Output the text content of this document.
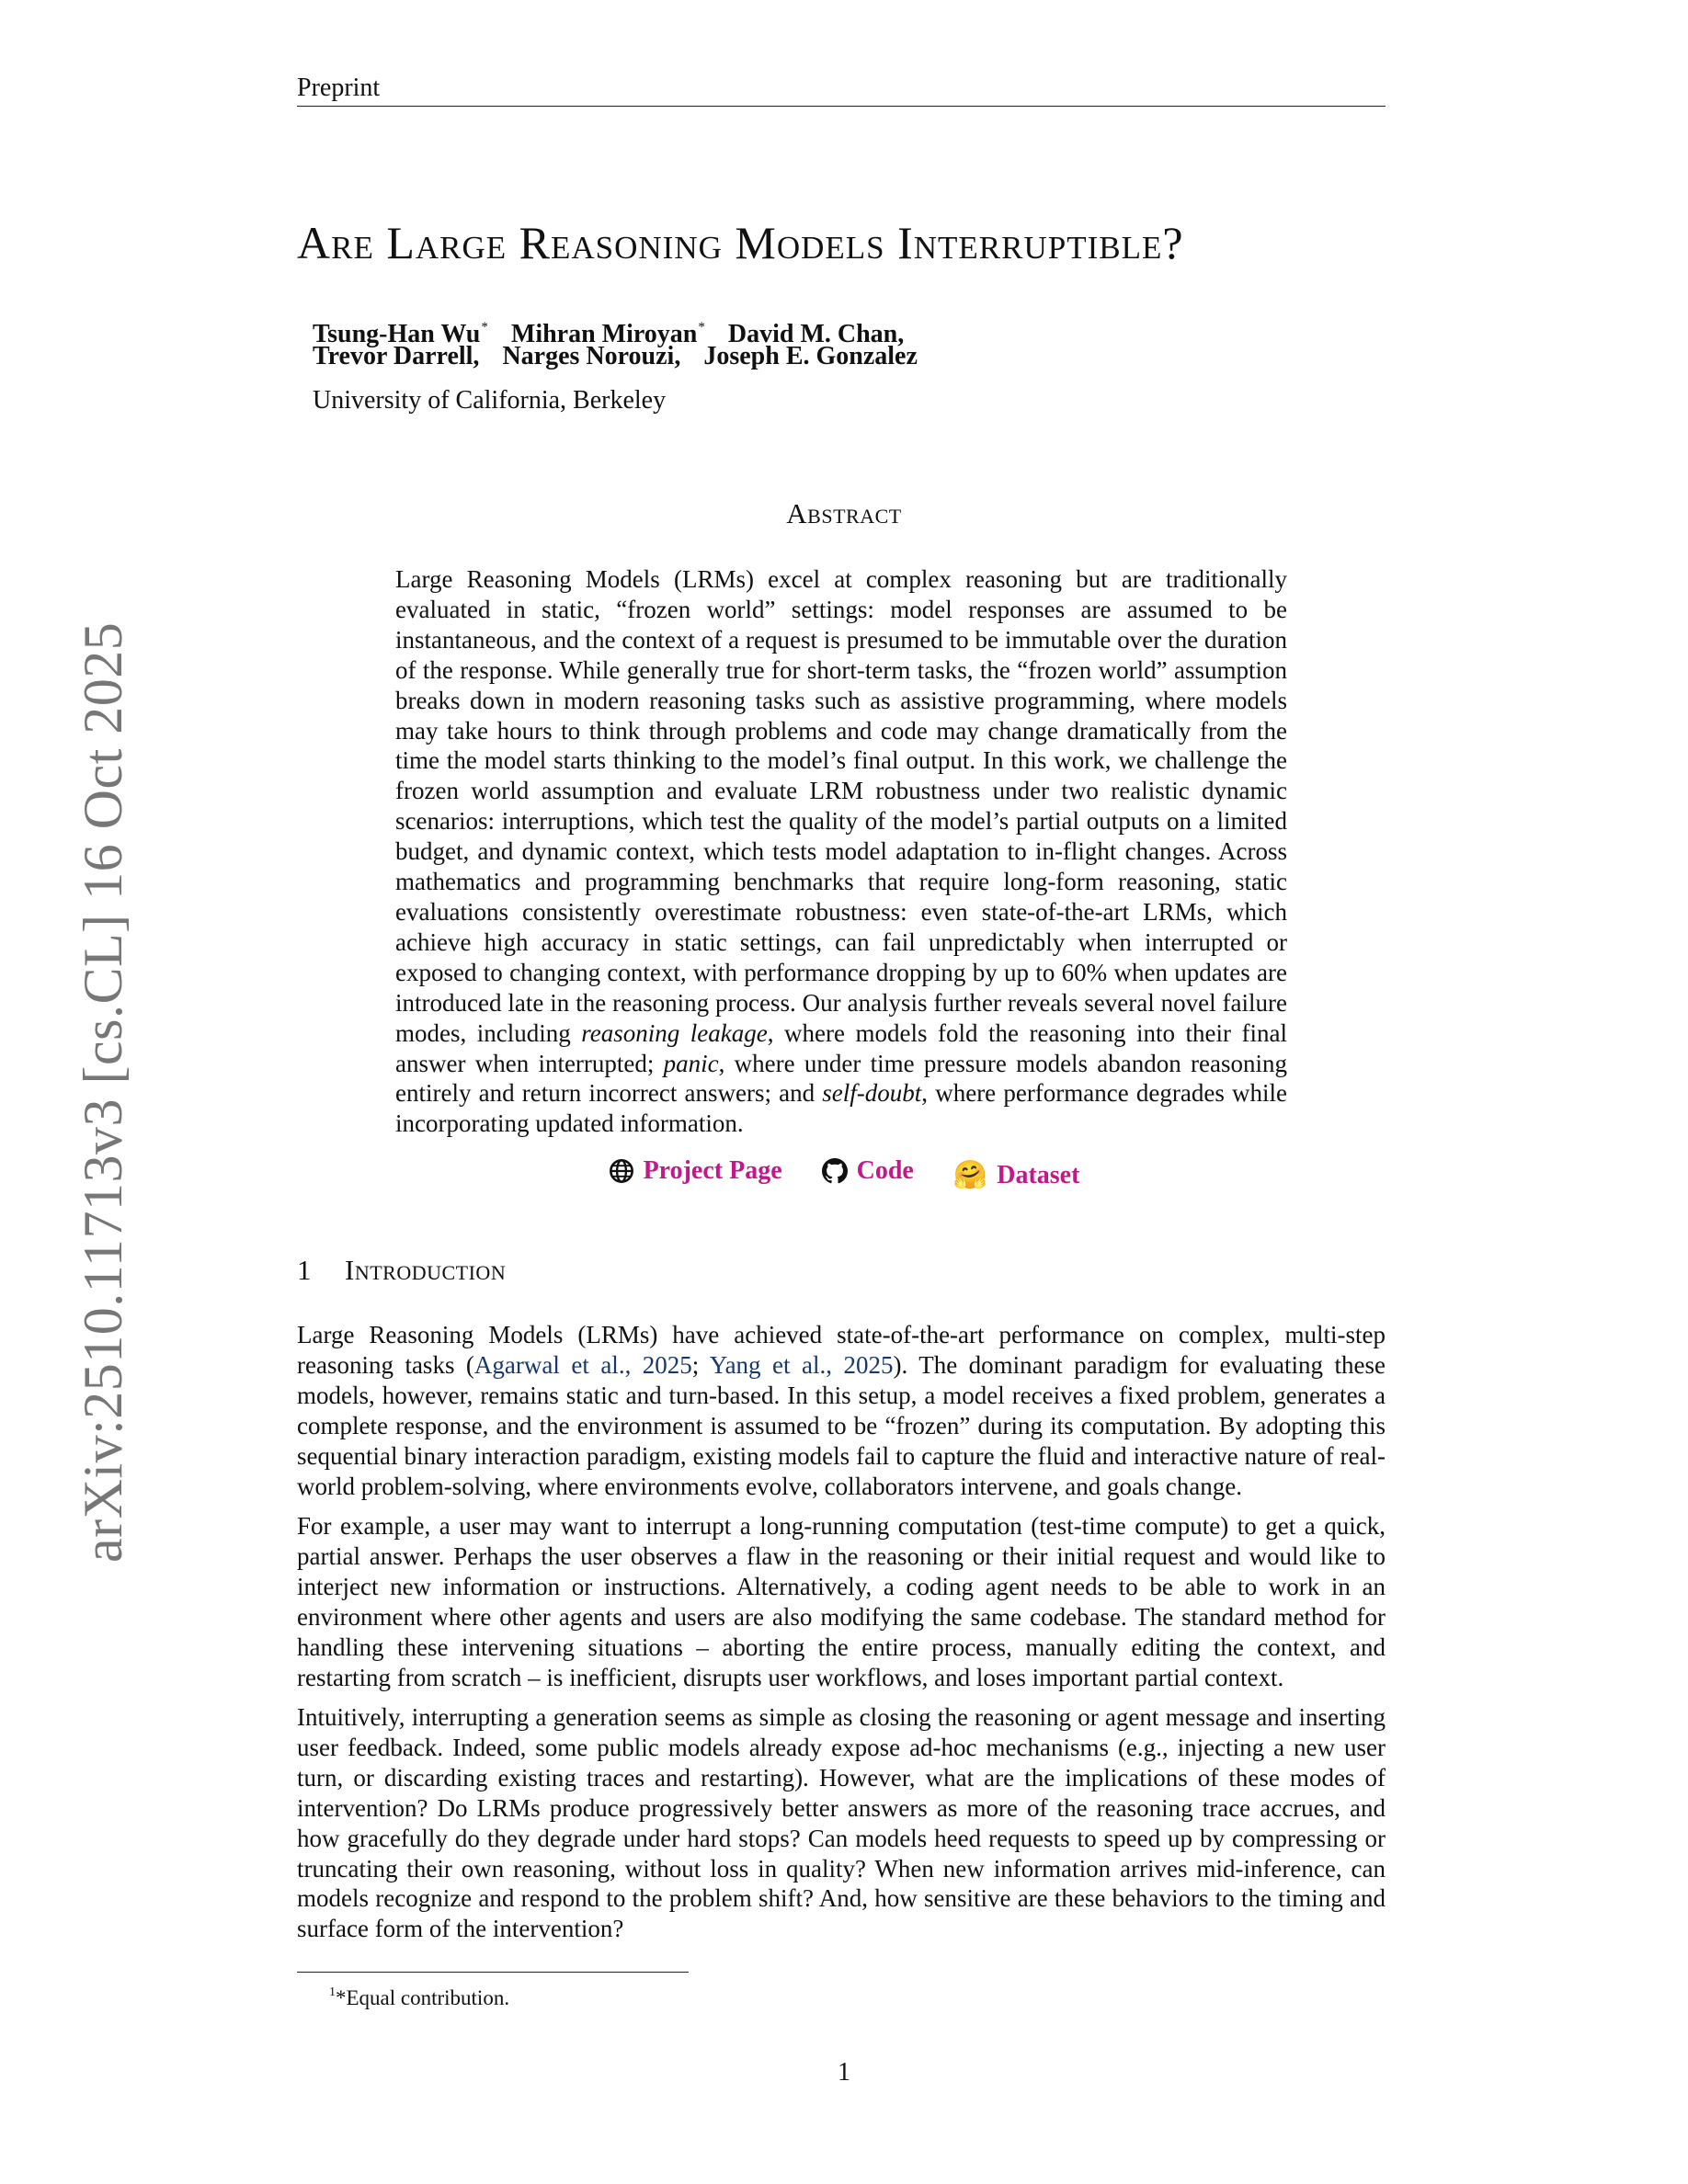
Preprint
arXiv:2510.11713v3 [cs.CL] 16 Oct 2025
Are Large Reasoning Models Interruptible?
Tsung-Han Wu* Mihran Miroyan* David M. Chan,
Trevor Darrell, Narges Norouzi, Joseph E. Gonzalez
University of California, Berkeley
Abstract
Large Reasoning Models (LRMs) excel at complex reasoning but are traditionally evaluated in static, “frozen world” settings: model responses are assumed to be instantaneous, and the context of a request is presumed to be immutable over the duration of the response. While generally true for short-term tasks, the “frozen world” assumption breaks down in modern reasoning tasks such as assistive programming, where models may take hours to think through problems and code may change dramatically from the time the model starts thinking to the model’s final output. In this work, we challenge the frozen world assumption and evaluate LRM robustness under two realistic dynamic scenarios: interruptions, which test the quality of the model’s partial outputs on a limited budget, and dynamic context, which tests model adaptation to in-flight changes. Across mathematics and programming benchmarks that require long-form reasoning, static evaluations consistently overestimate robustness: even state-of-the-art LRMs, which achieve high accuracy in static settings, can fail unpredictably when interrupted or exposed to changing context, with performance dropping by up to 60% when updates are introduced late in the reasoning process. Our analysis further reveals several novel failure modes, including reasoning leakage, where models fold the reasoning into their final answer when interrupted; panic, where under time pressure models abandon reasoning entirely and return incorrect answers; and self-doubt, where performance degrades while incorporating updated information.
Project Page
	Code
🤗 Dataset
1 Introduction
Large Reasoning Models (LRMs) have achieved state-of-the-art performance on complex, multi-step reasoning tasks (Agarwal et al., 2025; Yang et al., 2025). The dominant paradigm for evaluating these models, however, remains static and turn-based. In this setup, a model receives a fixed problem, generates a complete response, and the environment is assumed to be “frozen” during its computation. By adopting this sequential binary interaction paradigm, existing models fail to capture the fluid and interactive nature of real-world problem-solving, where environments evolve, collaborators intervene, and goals change.
For example, a user may want to interrupt a long-running computation (test-time compute) to get a quick, partial answer. Perhaps the user observes a flaw in the reasoning or their initial request and would like to interject new information or instructions. Alternatively, a coding agent needs to be able to work in an environment where other agents and users are also modifying the same codebase. The standard method for handling these intervening situations – aborting the entire process, manually editing the context, and restarting from scratch – is inefficient, disrupts user workflows, and loses important partial context.
Intuitively, interrupting a generation seems as simple as closing the reasoning or agent message and inserting user feedback. Indeed, some public models already expose ad-hoc mechanisms (e.g., injecting a new user turn, or discarding existing traces and restarting). However, what are the implications of these modes of intervention? Do LRMs produce progressively better answers as more of the reasoning trace accrues, and how gracefully do they degrade under hard stops? Can models heed requests to speed up by compressing or truncating their own reasoning, without loss in quality? When new information arrives mid-inference, can models recognize and respond to the problem shift? And, how sensitive are these behaviors to the timing and surface form of the intervention?
$^1$*Equal contribution.
1
